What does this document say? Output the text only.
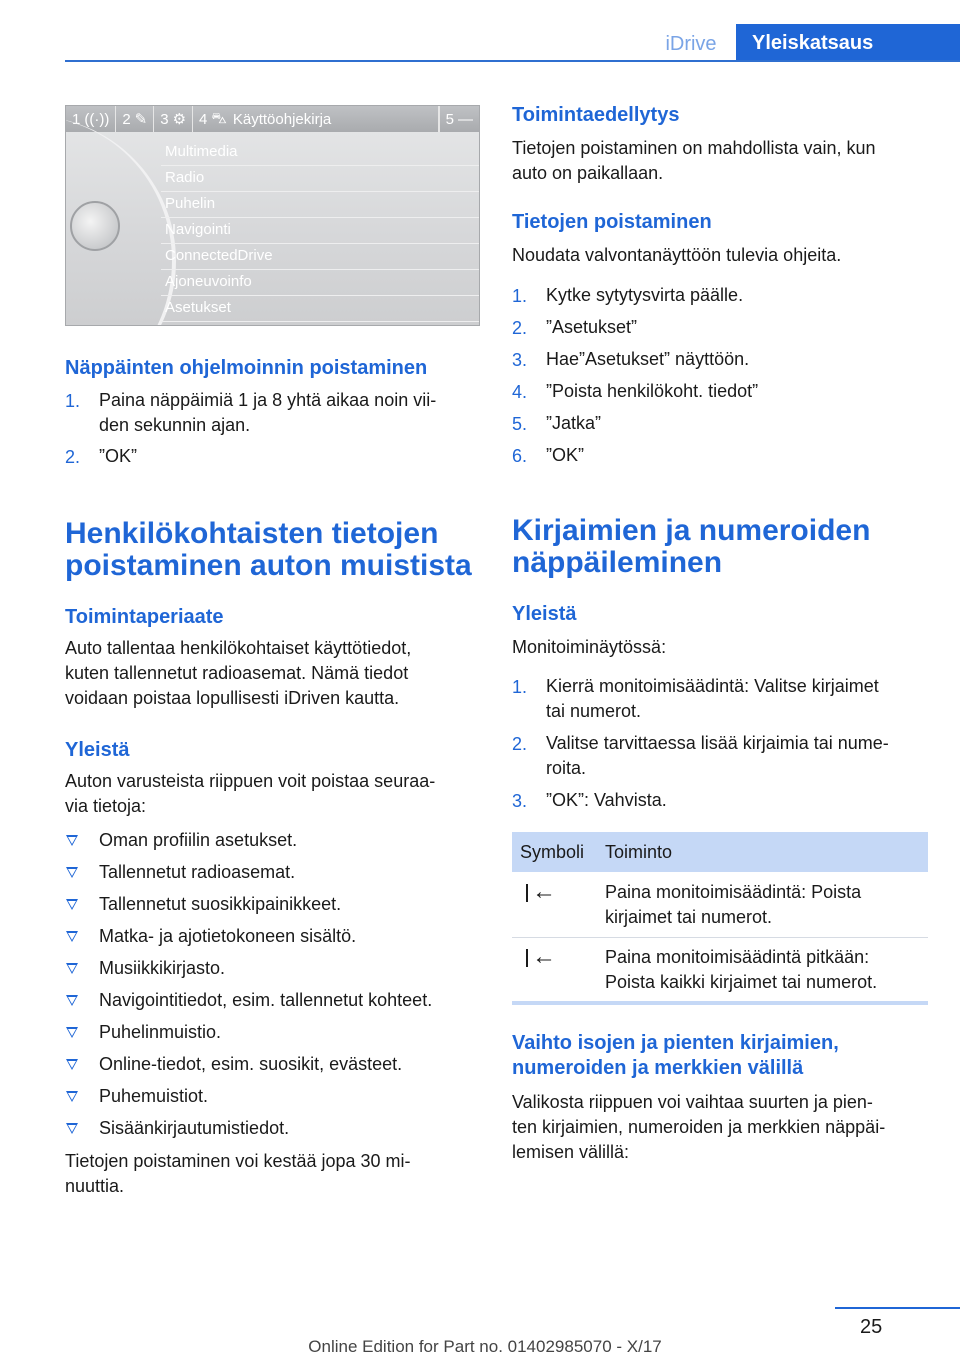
iDrive	Yleiskatsaus
1 ((·)) 2 ✎ 3 ⚙ 4 ⛍ Käyttöohjekirja	5 —
Multimedia
Radio
Puhelin
Navigointi
ConnectedDrive
Ajoneuvoinfo
Asetukset
Näppäinten ohjelmoinnin poistaminen
1. Paina näppäimiä 1 ja 8 yhtä aikaa noin vii‐
den sekunnin ajan.
2. ”OK”
Henkilökohtaisten tietojen
poistaminen auton muistista
Toimintaperiaate
Auto tallentaa henkilökohtaiset käyttötiedot,
kuten tallennetut radioasemat. Nämä tiedot
voidaan poistaa lopullisesti iDriven kautta.
Yleistä
Auton varusteista riippuen voit poistaa seuraa‐
via tietoja:
Oman profiilin asetukset.
Tallennetut radioasemat.
Tallennetut suosikkipainikkeet.
Matka- ja ajotietokoneen sisältö.
Musiikkikirjasto.
Navigointitiedot, esim. tallennetut kohteet.
Puhelinmuistio.
Online-tiedot, esim. suosikit, evästeet.
Puhemuistiot.
Sisäänkirjautumistiedot.
Tietojen poistaminen voi kestää jopa 30 mi‐
nuuttia.
Toimintaedellytys
Tietojen poistaminen on mahdollista vain, kun
auto on paikallaan.
Tietojen poistaminen
Noudata valvontanäyttöön tulevia ohjeita.
1. Kytke sytytysvirta päälle.
2. ”Asetukset”
3. Hae”Asetukset” näyttöön.
4. ”Poista henkilökoht. tiedot”
5. ”Jatka”
6. ”OK”
Kirjaimien ja numeroiden
näppäileminen
Yleistä
Monitoiminäytössä:
1. Kierrä monitoimisäädintä: Valitse kirjaimet
tai numerot.
2. Valitse tarvittaessa lisää kirjaimia tai nume‐
roita.
3. ”OK”: Vahvista.
Symboli Toiminto
←	Paina monitoimisäädintä: Poista
kirjaimet tai numerot.
←	Paina monitoimisäädintä pitkään:
Poista kaikki kirjaimet tai numerot.
Vaihto isojen ja pienten kirjaimien,
numeroiden ja merkkien välillä
Valikosta riippuen voi vaihtaa suurten ja pien‐
ten kirjaimien, numeroiden ja merkkien näppäi‐
lemisen välillä:
25
Online Edition for Part no. 01402985070 - X/17
